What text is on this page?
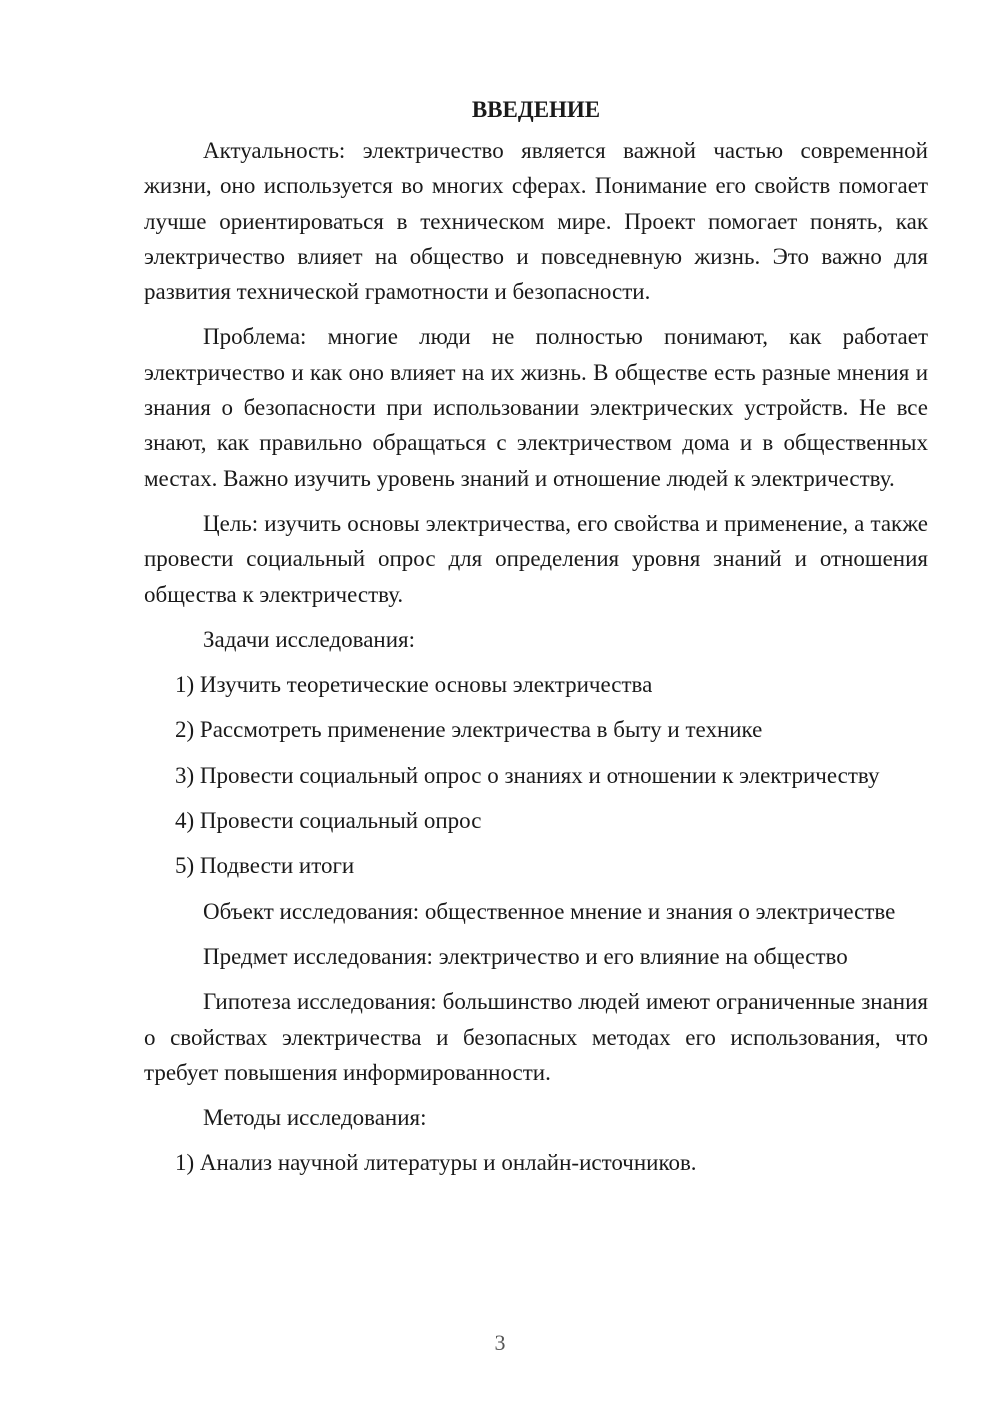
ВВЕДЕНИЕ

Актуальность: электричество является важной частью современной жизни, оно используется во многих сферах. Понимание его свойств помогает лучше ориентироваться в техническом мире. Проект помогает понять, как электричество влияет на общество и повседневную жизнь. Это важно для развития технической грамотности и безопасности.

Проблема: многие люди не полностью понимают, как работает электричество и как оно влияет на их жизнь. В обществе есть разные мнения и знания о безопасности при использовании электрических устройств. Не все знают, как правильно обращаться с электричеством дома и в общественных местах. Важно изучить уровень знаний и отношение людей к электричеству.

Цель: изучить основы электричества, его свойства и применение, а также провести социальный опрос для определения уровня знаний и отношения общества к электричеству.

Задачи исследования:

1) Изучить теоретические основы электричества

2) Рассмотреть применение электричества в быту и технике

3) Провести социальный опрос о знаниях и отношении к электричеству

4) Провести социальный опрос

5) Подвести итоги

Объект исследования: общественное мнение и знания о электричестве

Предмет исследования: электричество и его влияние на общество

Гипотеза исследования: большинство людей имеют ограниченные знания о свойствах электричества и безопасных методах его использования, что требует повышения информированности.

Методы исследования:

1) Анализ научной литературы и онлайн-источников.

3
